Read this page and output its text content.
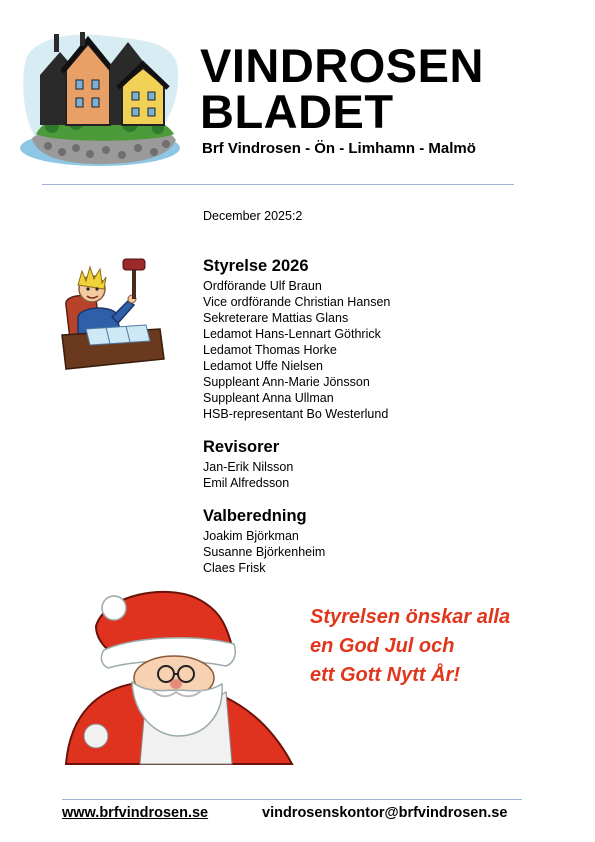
VINDROSEN
BLADET
Brf Vindrosen - Ön - Limhamn - Malmö
December 2025:2
Styrelse 2026
Ordförande Ulf Braun
Vice ordförande Christian Hansen
Sekreterare Mattias Glans
Ledamot Hans-Lennart Göthrick
Ledamot Thomas Horke
Ledamot Uffe Nielsen
Suppleant Ann-Marie Jönsson
Suppleant Anna Ullman
HSB-representant Bo Westerlund
Revisorer
Jan-Erik Nilsson
Emil Alfredsson
Valberedning
Joakim Björkman
Susanne Björkenheim
Claes Frisk
Styrelsen önskar alla
en God Jul och
ett Gott Nytt År!
www.brfvindrosen.se	vindrosenskontor@brfvindrosen.se
